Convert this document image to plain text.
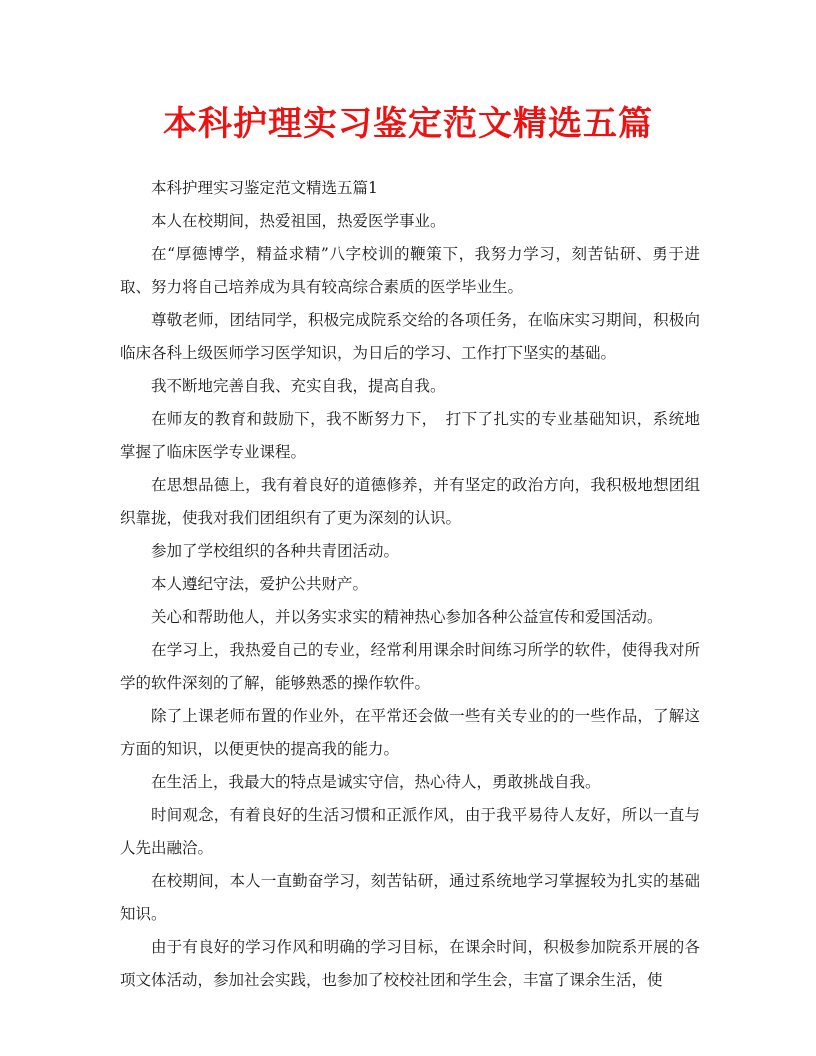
本科护理实习鉴定范文精选五篇

本科护理实习鉴定范文精选五篇1

本人在校期间，热爱祖国，热爱医学事业。

在“厚德博学，精益求精”八字校训的鞭策下，我努力学习，刻苦钻研、勇于进取、努力将自己培养成为具有较高综合素质的医学毕业生。

尊敬老师，团结同学，积极完成院系交给的各项任务，在临床实习期间，积极向临床各科上级医师学习医学知识，为日后的学习、工作打下坚实的基础。

我不断地完善自我、充实自我，提高自我。

在师友的教育和鼓励下，我不断努力下，　打下了扎实的专业基础知识，系统地掌握了临床医学专业课程。

在思想品德上，我有着良好的道德修养，并有坚定的政治方向，我积极地想团组织靠拢，使我对我们团组织有了更为深刻的认识。

参加了学校组织的各种共青团活动。

本人遵纪守法，爱护公共财产。

关心和帮助他人，并以务实求实的精神热心参加各种公益宣传和爱国活动。

在学习上，我热爱自己的专业，经常利用课余时间练习所学的软件，使得我对所学的软件深刻的了解，能够熟悉的操作软件。

除了上课老师布置的作业外，在平常还会做一些有关专业的的一些作品，了解这方面的知识，以便更快的提高我的能力。

在生活上，我最大的特点是诚实守信，热心待人，勇敢挑战自我。

时间观念，有着良好的生活习惯和正派作风，由于我平易待人友好，所以一直与人先出融洽。

在校期间，本人一直勤奋学习，刻苦钻研，通过系统地学习掌握较为扎实的基础知识。

由于有良好的学习作风和明确的学习目标，在课余时间，积极参加院系开展的各项文体活动，参加社会实践，也参加了校校社团和学生会，丰富了课余生活，使
